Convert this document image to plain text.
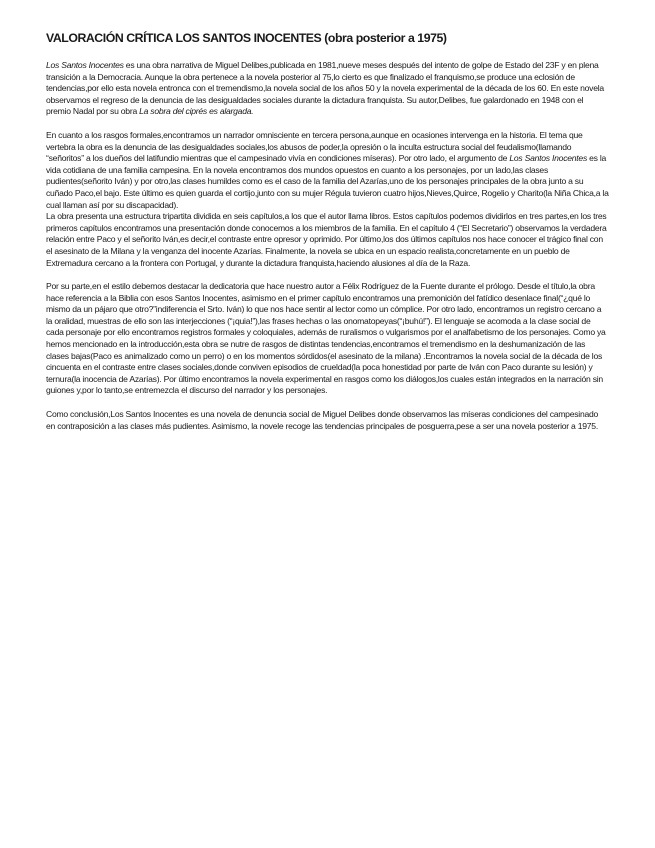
VALORACIÓN CRÍTICA LOS SANTOS INOCENTES (obra posterior a 1975)

Los Santos Inocentes es una obra narrativa de Miguel Delibes,publicada en 1981,nueve meses después del intento de golpe de Estado del 23F y en plena transición a la Democracia. Aunque la obra pertenece a la novela posterior al 75,lo cierto es que finalizado el franquismo,se produce una eclosión de tendencias,por ello esta novela entronca con el tremendismo,la novela social de los años 50 y la novela experimental de la década de los 60. En este novela observamos el regreso de la denuncia de las desigualdades sociales durante la dictadura franquista. Su autor,Delibes, fue galardonado en 1948 con el premio Nadal por su obra La sobra del ciprés es alargada.

En cuanto a los rasgos formales,encontramos un narrador omnisciente en tercera persona,aunque en ocasiones intervenga en la historia. El tema que vertebra la obra es la denuncia de las desigualdades sociales,los abusos de poder,la opresión o la inculta estructura social del feudalismo(llamando “señoritos” a los dueños del latifundio mientras que el campesinado vivía en condiciones míseras). Por otro lado, el argumento de Los Santos Inocentes es la vida cotidiana de una familia campesina. En la novela encontramos dos mundos opuestos en cuanto a los personajes, por un lado,las clases pudientes(señorito Iván) y por otro,las clases humildes como es el caso de la familia del Azarías,uno de los personajes principales de la obra junto a su cuñado Paco,el bajo. Este último es quien guarda el cortijo,junto con su mujer Régula tuvieron cuatro hijos,Nieves,Quirce, Rogelio y Charito(la Niña Chica,a la cual llaman así por su discapacidad).

La obra presenta una estructura tripartita dividida en seis capítulos,a los que el autor llama libros. Estos capítulos podemos dividirlos en tres partes,en los tres primeros capítulos encontramos una presentación donde conocemos a los miembros de la familia. En el capítulo 4 (“El Secretario”) observamos la verdadera relación entre Paco y el señorito Iván,es decir,el contraste entre opresor y oprimido. Por último,los dos últimos capítulos nos hace conocer el trágico final con el asesinato de la Milana y la venganza del inocente Azarías. Finalmente, la novela se ubica en un espacio realista,concretamente en un pueblo de Extremadura cercano a la frontera con Portugal, y durante la dictadura franquista,haciendo alusiones al día de la Raza.

Por su parte,en el estilo debemos destacar la dedicatoria que hace nuestro autor a Félix Rodríguez de la Fuente durante el prólogo. Desde el título,la obra hace referencia a la Biblia con esos Santos Inocentes, asimismo en el primer capítulo encontramos una premonición del fatídico desenlace final(“¿qué lo mismo da un pájaro que otro?”indiferencia el Srto. Iván) lo que nos hace sentir al lector como un cómplice. Por otro lado, encontramos un registro cercano a la oralidad, muestras de ello son las interjecciones (“¡quia!”),las frases hechas o las onomatopeyas(“¡buhú!”). El lenguaje se acomoda a la clase social de cada personaje por ello encontramos registros formales y coloquiales, además de ruralismos o vulgarismos por el analfabetismo de los personajes. Como ya hemos mencionado en la introducción,esta obra se nutre de rasgos de distintas tendencias,encontramos el tremendismo en la deshumanización de las clases bajas(Paco es animalizado como un perro) o en los momentos sórdidos(el asesinato de la milana) .Encontramos la novela social de la década de los cincuenta en el contraste entre clases sociales,donde conviven episodios de crueldad(la poca honestidad por parte de Iván con Paco durante su lesión) y ternura(la inocencia de Azarías). Por último encontramos la novela experimental en rasgos como los diálogos,los cuales están integrados en la narración sin guiones y,por lo tanto,se entremezcla el discurso del narrador y los personajes.

Como conclusión,Los Santos Inocentes es una novela de denuncia social de Miguel Delibes donde observamos las míseras condiciones del campesinado en contraposición a las clases más pudientes. Asimismo, la novele recoge las tendencias principales de posguerra,pese a ser una novela posterior a 1975.
